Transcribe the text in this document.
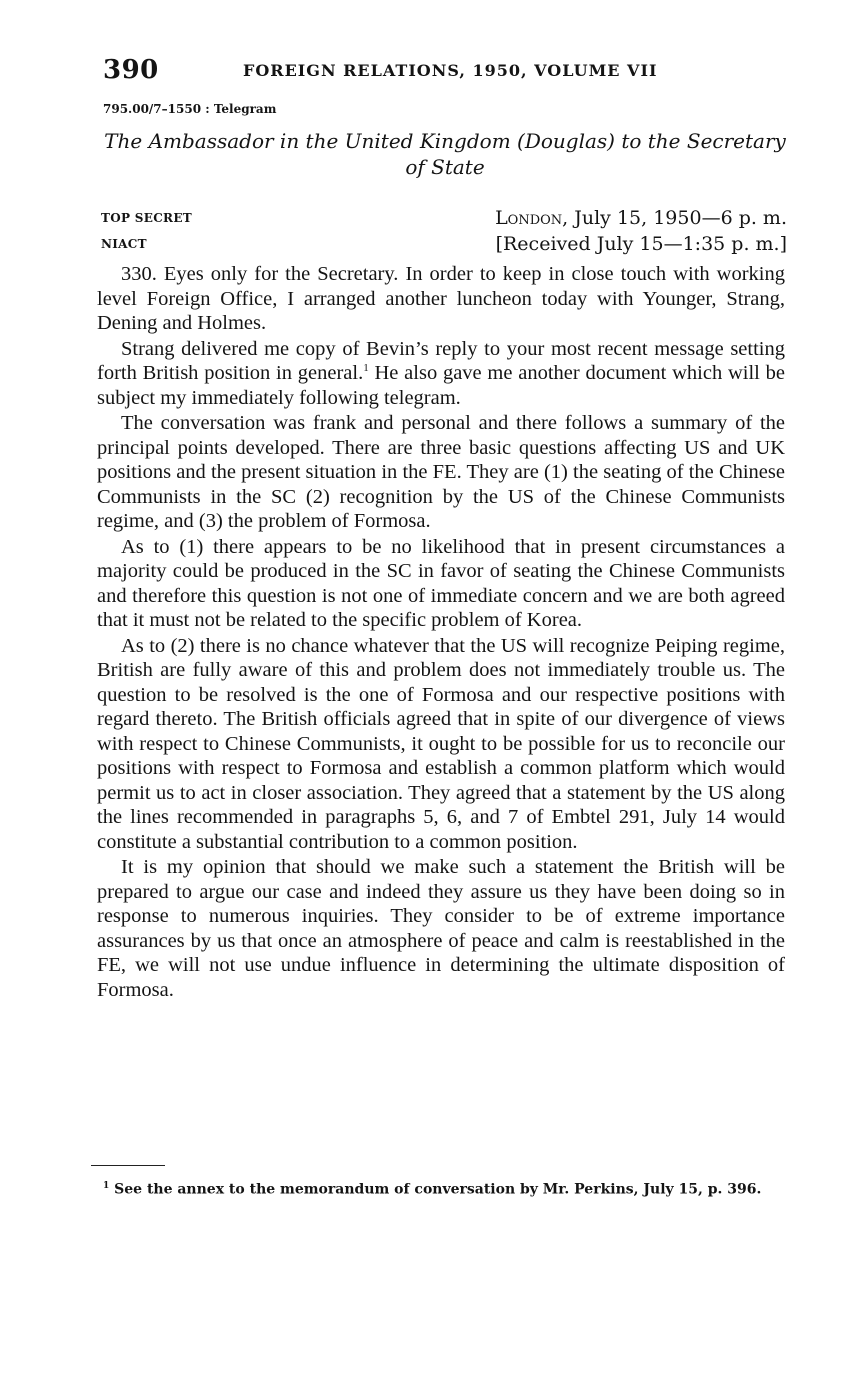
390	FOREIGN RELATIONS, 1950, VOLUME VII
795.00/7–1550 : Telegram
The Ambassador in the United Kingdom (Douglas) to the Secretary
of State
TOP SECRET	London, July 15, 1950—6 p. m.
NIACT	[Received July 15—1:35 p. m.]

330. Eyes only for the Secretary. In order to keep in close touch with working level Foreign Office, I arranged another luncheon today with Younger, Strang, Dening and Holmes.

Strang delivered me copy of Bevin’s reply to your most recent message setting forth British position in general.$^1$ He also gave me another document which will be subject my immediately following telegram.

The conversation was frank and personal and there follows a summary of the principal points developed. There are three basic questions affecting US and UK positions and the present situation in the FE. They are (1) the seating of the Chinese Communists in the SC (2) recognition by the US of the Chinese Communists regime, and (3) the problem of Formosa.

As to (1) there appears to be no likelihood that in present circumstances a majority could be produced in the SC in favor of seating the Chinese Communists and therefore this question is not one of immediate concern and we are both agreed that it must not be related to the specific problem of Korea.

As to (2) there is no chance whatever that the US will recognize Peiping regime, British are fully aware of this and problem does not immediately trouble us. The question to be resolved is the one of Formosa and our respective positions with regard thereto. The British officials agreed that in spite of our divergence of views with respect to Chinese Communists, it ought to be possible for us to reconcile our positions with respect to Formosa and establish a common platform which would permit us to act in closer association. They agreed that a statement by the US along the lines recommended in paragraphs 5, 6, and 7 of Embtel 291, July 14 would constitute a substantial contribution to a common position.

It is my opinion that should we make such a statement the British will be prepared to argue our case and indeed they assure us they have been doing so in response to numerous inquiries. They consider to be of extreme importance assurances by us that once an atmosphere of peace and calm is reestablished in the FE, we will not use undue influence in determining the ultimate disposition of Formosa.

$^1$ See the annex to the memorandum of conversation by Mr. Perkins, July 15, p. 396.
